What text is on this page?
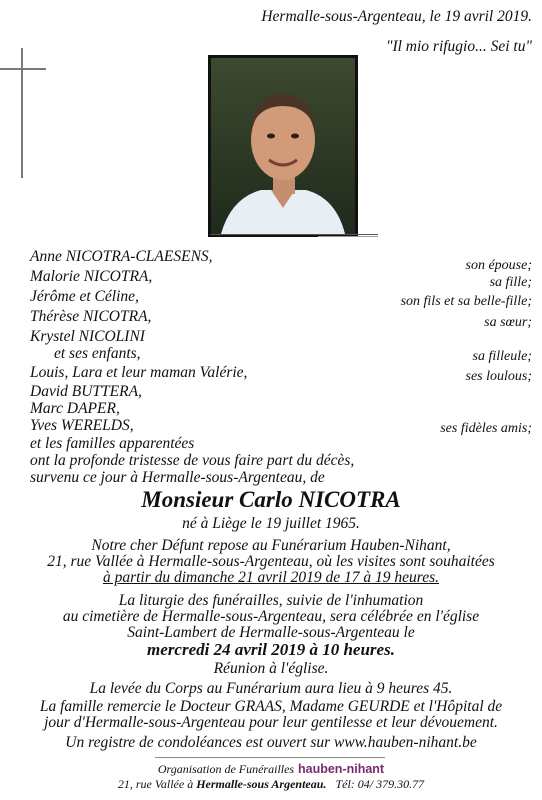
Hermalle-sous-Argenteau, le 19 avril 2019.
"Il mio rifugio... Sei tu"
Anne NICOTRA-CLAESENS,
Malorie NICOTRA,
Jérôme et Céline,
Thérèse NICOTRA,
Krystel NICOLINI
et ses enfants,
Louis, Lara et leur maman Valérie,
David BUTTERA,
Marc DAPER,
Yves WERELDS,
son épouse;
sa fille;
son fils et sa belle-fille;
sa sœur;
sa filleule;
ses loulous;
ses fidèles amis;
et les familles apparentées
ont la profonde tristesse de vous faire part du décès,
survenu ce jour à Hermalle-sous-Argenteau, de
Monsieur Carlo NICOTRA
né à Liège le 19 juillet 1965.
Notre cher Défunt repose au Funérarium Hauben-Nihant,
21, rue Vallée à Hermalle-sous-Argenteau, où les visites sont souhaitées
à partir du dimanche 21 avril 2019 de 17 à 19 heures.
La liturgie des funérailles, suivie de l'inhumation
au cimetière de Hermalle-sous-Argenteau, sera célébrée en l'église
Saint-Lambert de Hermalle-sous-Argenteau le
mercredi 24 avril 2019 à 10 heures.
Réunion à l'église.
La levée du Corps au Funérarium aura lieu à 9 heures 45.
La famille remercie le Docteur GRAAS, Madame GEURDE et l'Hôpital de
jour d'Hermalle-sous-Argenteau pour leur gentilesse et leur dévouement.
Un registre de condoléances est ouvert sur www.hauben-nihant.be
Organisation de Funérailles hauben-nihant
21, rue Vallée à Hermalle-sous Argenteau. Tél: 04/ 379.30.77
